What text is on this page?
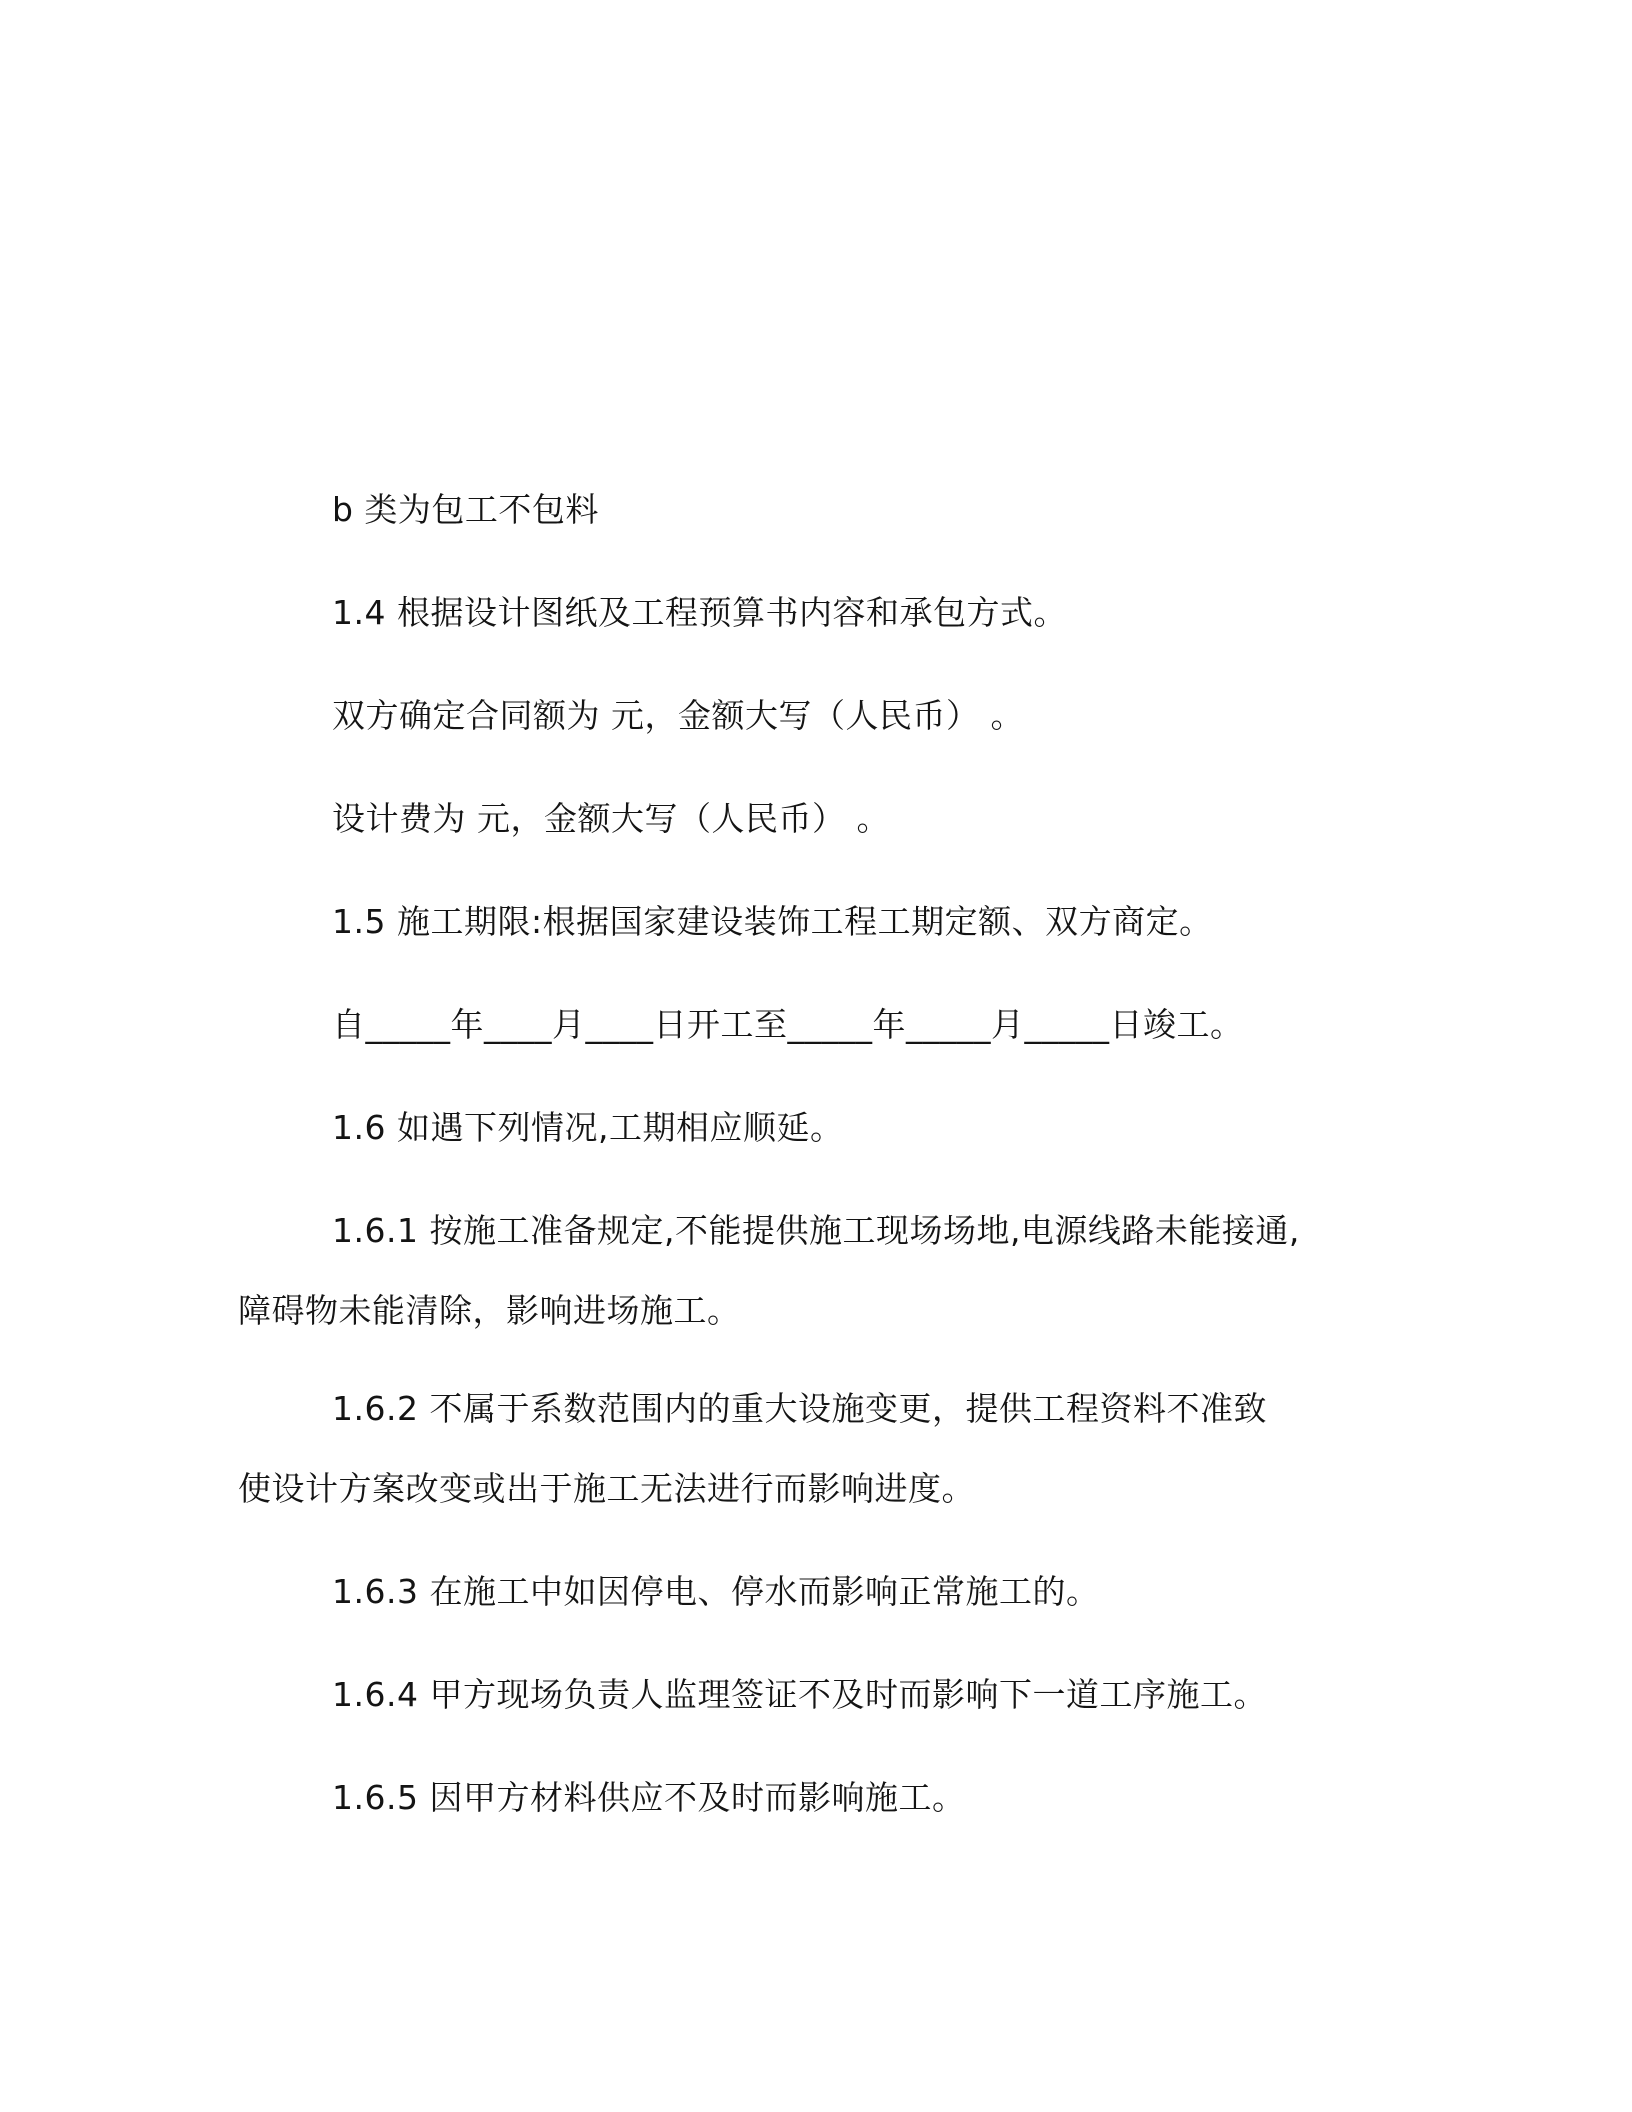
b 类为包工不包料

1.4 根据设计图纸及工程预算书内容和承包方式。

双方确定合同额为 元，金额大写（人民币） 。

设计费为 元，金额大写（人民币） 。

1.5 施工期限:根据国家建设装饰工程工期定额、双方商定。

自_____年____月____日开工至_____年_____月_____日竣工。

1.6 如遇下列情况,工期相应顺延。

1.6.1 按施工准备规定,不能提供施工现场场地,电源线路未能接通,

障碍物未能清除，影响进场施工。

1.6.2 不属于系数范围内的重大设施变更，提供工程资料不准致

使设计方案改变或出于施工无法进行而影响进度。

1.6.3 在施工中如因停电、停水而影响正常施工的。

1.6.4 甲方现场负责人监理签证不及时而影响下一道工序施工。

1.6.5 因甲方材料供应不及时而影响施工。
